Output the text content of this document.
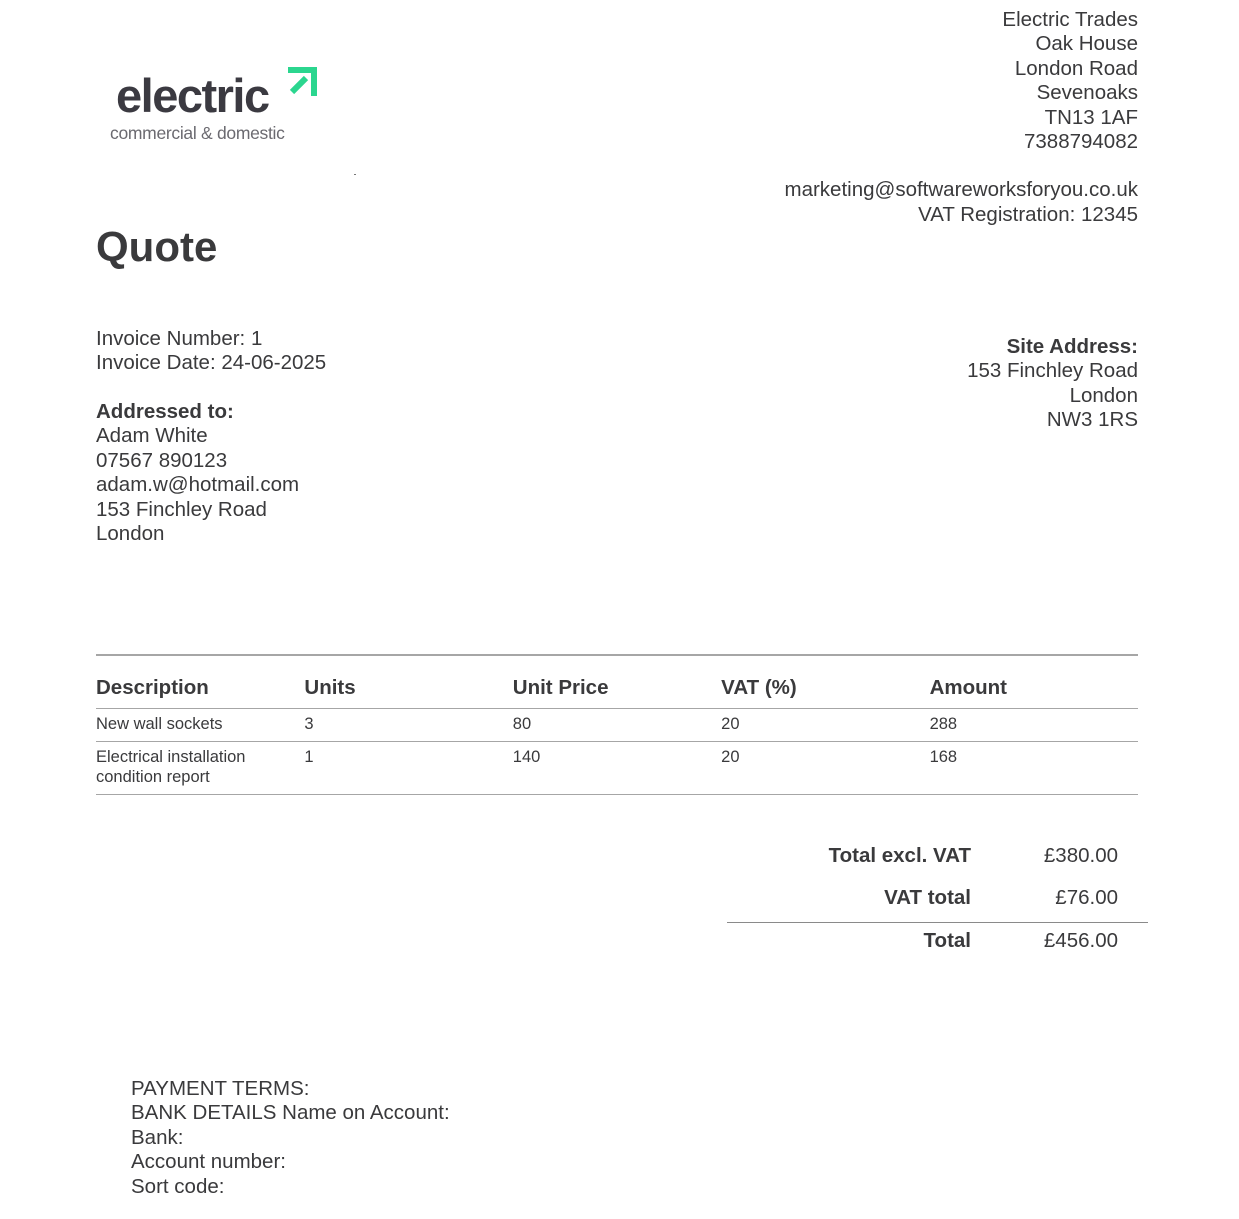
electric
commercial & domestic
Electric Trades
Oak House
London Road
Sevenoaks
TN13 1AF
7388794082
marketing@softwareworksforyou.co.uk
VAT Registration: 12345
Quote
Invoice Number: 1
Invoice Date: 24-06-2025
Addressed to:
Adam White
07567 890123
adam.w@hotmail.com
153 Finchley Road
London
Site Address:
153 Finchley Road
London
NW3 1RS
Description	Units	Unit Price	VAT (%)	Amount
New wall sockets	3	80	20	288
Electrical installation condition report	1	140	20	168
Total excl. VAT	£380.00
VAT total	£76.00
Total	£456.00
PAYMENT TERMS:
BANK DETAILS Name on Account:
Bank:
Account number:
Sort code:
